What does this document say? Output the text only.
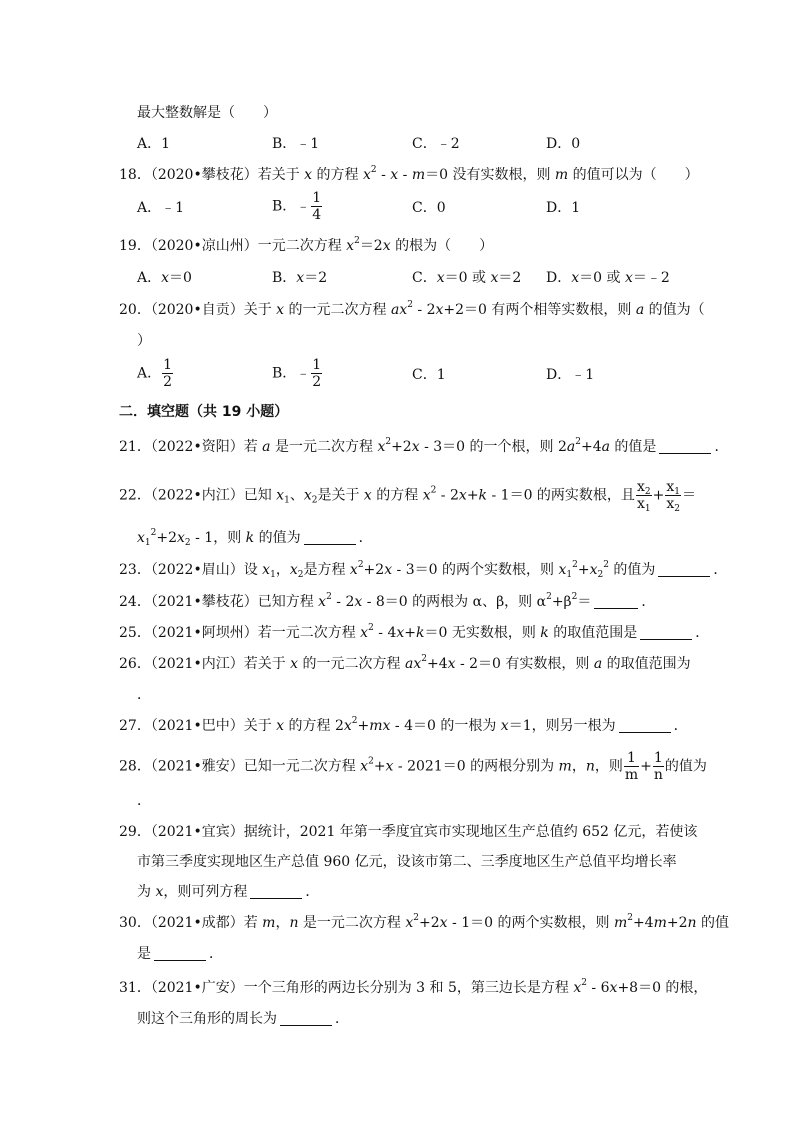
最大整数解是（　　）
A．1	B．﹣1	C．﹣2	D．0
18．（2020•攀枝花）若关于 x 的方程 $x^2 - x - m=0$ 没有实数根，则 m 的值可以为（　　）
A．﹣1	B．﹣ $\frac{1}{4}$	C．0	D．1
19．（2020•凉山州）一元二次方程 $x^2=2x$ 的根为（　　）
A．x＝0	B．x＝2	C．x＝0 或 x＝2 D．x＝0 或 x＝﹣2
20．（2020•自贡）关于 x 的一元二次方程 $ax^2 - 2x+2=0$ 有两个相等实数根，则 a 的值为（
）
A． $\frac{1}{2}$	B．﹣ $\frac{1}{2}$	C．1	D．﹣1
二．填空题（共 19 小题）
21．（2022•资阳）若 a 是一元二次方程 $x^2+2x - 3=0$ 的一个根，则 $2a^2+4a$ 的值是	．
22．（2022•内江）已知 $x_1$、$x_2$是关于 x 的方程 $x^2 - 2x+k - 1=0$ 的两实数根，且 $\frac{x_2}{x_1} + \frac{x_1}{x_2}$ ＝
$x_1^2+2x_2 - 1$，则 k 的值为	．
23．（2022•眉山）设 $x_1$，$x_2$是方程 $x^2+2x - 3=0$ 的两个实数根，则 $x_1^2+x_2^2$ 的值为	．
24．（2021•攀枝花）已知方程 $x^2 - 2x - 8=0$ 的两根为 α、β，则 $\alpha^2+\beta^2=$	．
25．（2021•阿坝州）若一元二次方程 $x^2 - 4x+k=0$ 无实数根，则 k 的取值范围是	．
26．（2021•内江）若关于 x 的一元二次方程 $ax^2+4x - 2=0$ 有实数根，则 a 的取值范围为
．
27．（2021•巴中）关于 x 的方程 $2x^2+mx - 4=0$ 的一根为 x＝1，则另一根为	．
28．（2021•雅安）已知一元二次方程 $x^2+x - 2021=0$ 的两根分别为 m，n，则 $\frac{1}{m} + \frac{1}{n}$ 的值为
．
29．（2021•宜宾）据统计，2021 年第一季度宜宾市实现地区生产总值约 652 亿元，若使该
市第三季度实现地区生产总值 960 亿元，设该市第二、三季度地区生产总值平均增长率
为 x，则可列方程	．
30．（2021•成都）若 m，n 是一元二次方程 $x^2+2x - 1=0$ 的两个实数根，则 $m^2+4m+2n$ 的值
是	．
31．（2021•广安）一个三角形的两边长分别为 3 和 5，第三边长是方程 $x^2 - 6x+8=0$ 的根，
则这个三角形的周长为	．
